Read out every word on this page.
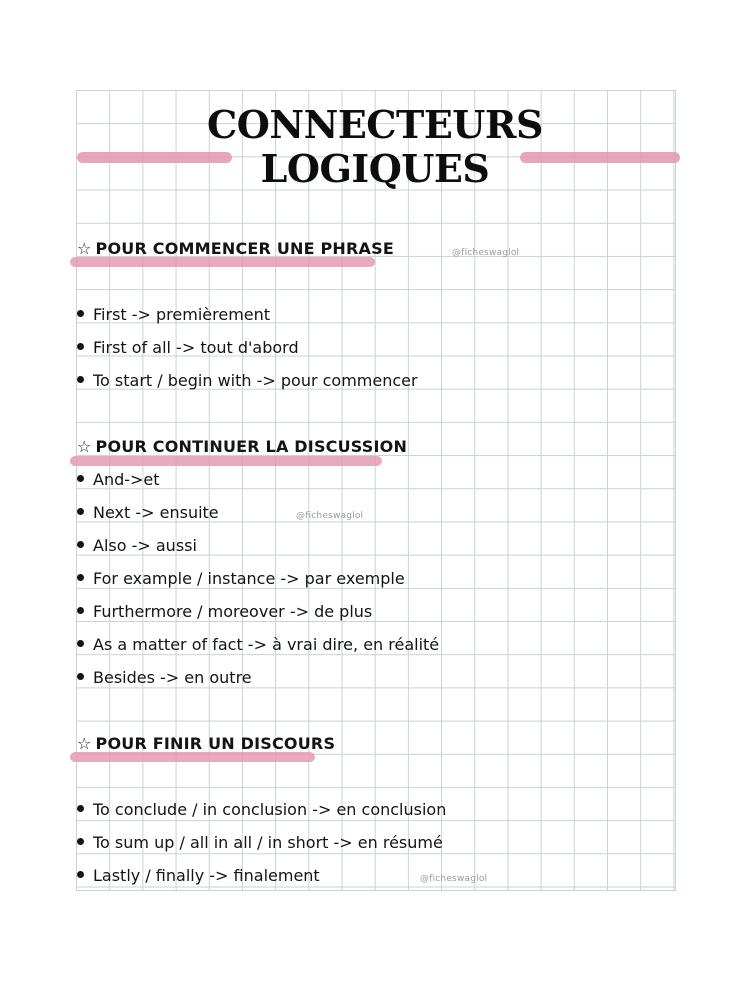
CONNECTEURS
LOGIQUES
☆ POUR COMMENCER UNE PHRASE	@ficheswaglol
First -> premièrement
First of all -> tout d'abord
To start / begin with -> pour commencer
☆ POUR CONTINUER LA DISCUSSION
And->et
Next -> ensuite	@ficheswaglol
Also -> aussi
For example / instance -> par exemple
Furthermore / moreover -> de plus
As a matter of fact -> à vrai dire, en réalité
Besides -> en outre
☆ POUR FINIR UN DISCOURS
To conclude / in conclusion -> en conclusion
To sum up / all in all / in short -> en résumé
Lastly / finally -> finalement	@ficheswaglol
